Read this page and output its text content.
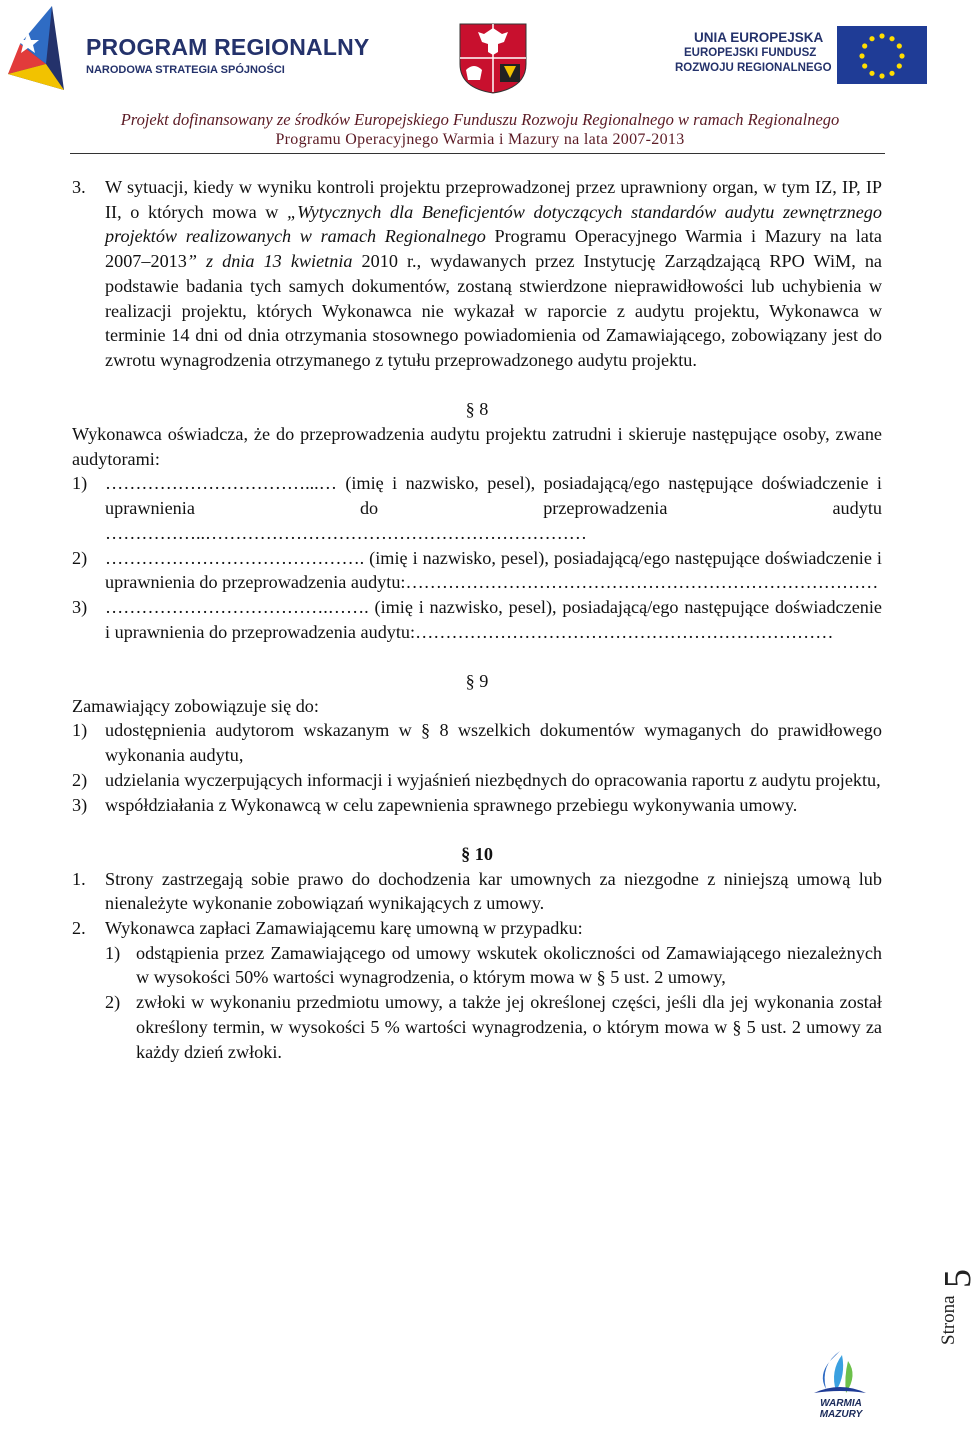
PROGRAM REGIONALNY
NARODOWA STRATEGIA SPÓJNOŚCI
UNIA EUROPEJSKA
EUROPEJSKI FUNDUSZ
ROZWOJU REGIONALNEGO
Projekt dofinansowany ze środków Europejskiego Funduszu Rozwoju Regionalnego w ramach Regionalnego
Programu Operacyjnego Warmia i Mazury na lata 2007-2013
3.	W sytuacji, kiedy w wyniku kontroli projektu przeprowadzonej przez uprawniony organ, w tym IZ, IP, IP II, o których mowa w „Wytycznych dla Beneficjentów dotyczących standardów audytu zewnętrznego projektów realizowanych w ramach Regionalnego Programu Operacyjnego Warmia i Mazury na lata 2007–2013” z dnia 13 kwietnia 2010 r., wydawanych przez Instytucję Zarządzającą RPO WiM, na podstawie badania tych samych dokumentów, zostaną stwierdzone nieprawidłowości lub uchybienia w realizacji projektu, których Wykonawca nie wykazał w raporcie z audytu projektu, Wykonawca w terminie 14 dni od dnia otrzymania stosownego powiadomienia od Zamawiającego, zobowiązany jest do zwrotu wynagrodzenia otrzymanego z tytułu przeprowadzonego audytu projektu.

§ 8

Wykonawca oświadcza, że do przeprowadzenia audytu projektu zatrudni i skieruje następujące osoby, zwane audytorami:

1) ……………………………...… (imię i nazwisko, pesel), posiadającą/ego następujące doświadczenie i uprawnienia do przeprowadzenia audytu ……………..………………………………………………………
2) ……………………………………. (imię i nazwisko, pesel), posiadającą/ego następujące doświadczenie i uprawnienia do przeprowadzenia audytu:……………………………………………………………………
3) ……………………………….……. (imię i nazwisko, pesel), posiadającą/ego następujące doświadczenie i uprawnienia do przeprowadzenia audytu:……………………………………………………………

§ 9

Zamawiający zobowiązuje się do:

1) udostępnienia audytorom wskazanym w § 8 wszelkich dokumentów wymaganych do prawidłowego wykonania audytu,
2) udzielania wyczerpujących informacji i wyjaśnień niezbędnych do opracowania raportu z audytu projektu,
3) współdziałania z Wykonawcą w celu zapewnienia sprawnego przebiegu wykonywania umowy.

§ 10

1.	Strony zastrzegają sobie prawo do dochodzenia kar umownych za niezgodne z niniejszą umową lub nienależyte wykonanie zobowiązań wynikających z umowy.
2.	Wykonawca zapłaci Zamawiającemu karę umowną w przypadku:
1) odstąpienia przez Zamawiającego od umowy wskutek okoliczności od Zamawiającego niezależnych w wysokości 50% wartości wynagrodzenia, o którym mowa w § 5 ust. 2 umowy,
2) zwłoki w wykonaniu przedmiotu umowy, a także jej określonej części, jeśli dla jej wykonania został określony termin, w wysokości 5 % wartości wynagrodzenia, o którym mowa w § 5 ust. 2 umowy za każdy dzień zwłoki.
5
Strona
WARMIA
MAZURY
